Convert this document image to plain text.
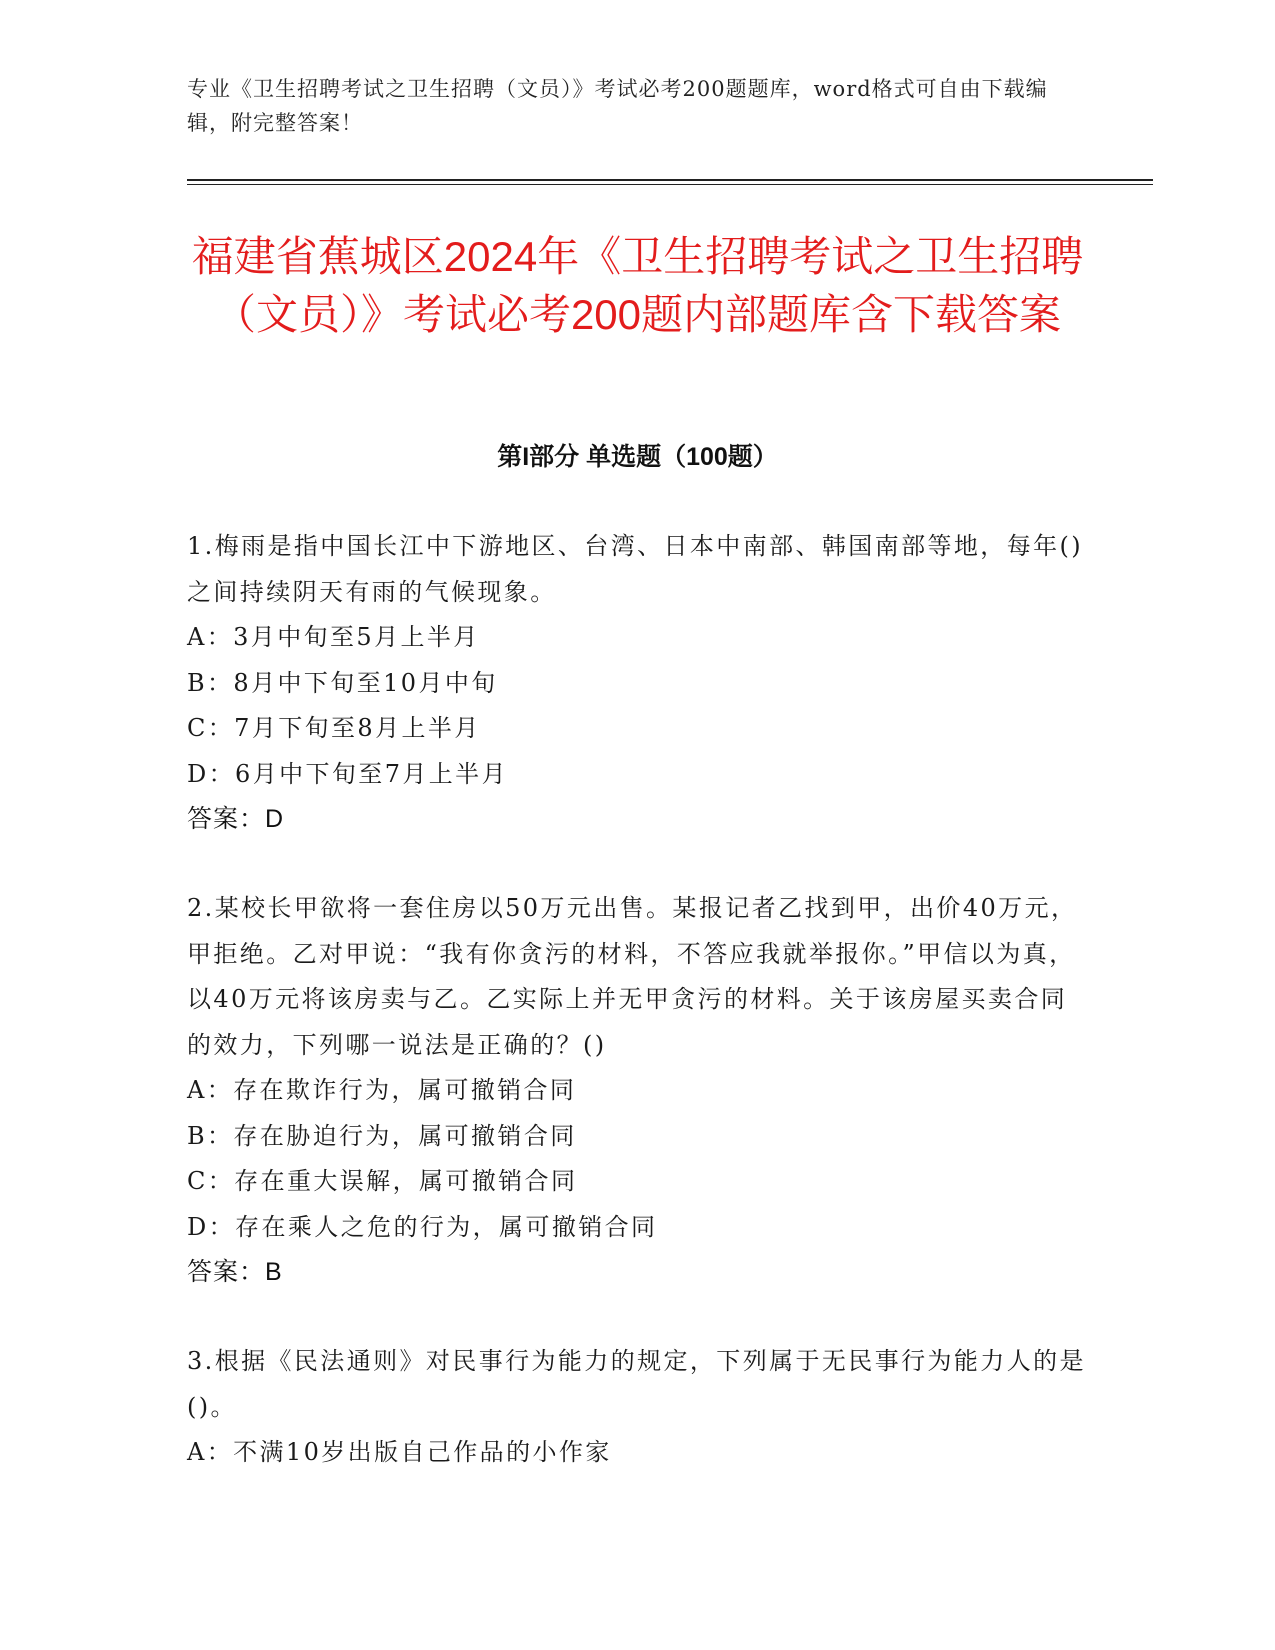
专业《卫生招聘考试之卫生招聘（文员）》考试必考200题题库，word格式可自由下载编辑，附完整答案！
福建省蕉城区2024年《卫生招聘考试之卫生招聘（文员）》考试必考200题内部题库含下载答案
第I部分 单选题（100题）

1.梅雨是指中国长江中下游地区、台湾、日本中南部、韩国南部等地，每年()之间持续阴天有雨的气候现象。

A：3月中旬至5月上半月

B：8月中下旬至10月中旬

C：7月下旬至8月上半月

D：6月中下旬至7月上半月

答案：D

2.某校长甲欲将一套住房以50万元出售。某报记者乙找到甲，出价40万元，甲拒绝。乙对甲说：“我有你贪污的材料，不答应我就举报你。”甲信以为真，以40万元将该房卖与乙。乙实际上并无甲贪污的材料。关于该房屋买卖合同的效力，下列哪一说法是正确的？()

A：存在欺诈行为，属可撤销合同

B：存在胁迫行为，属可撤销合同

C：存在重大误解，属可撤销合同

D：存在乘人之危的行为，属可撤销合同

答案：B

3.根据《民法通则》对民事行为能力的规定，下列属于无民事行为能力人的是()。

A：不满10岁出版自己作品的小作家
